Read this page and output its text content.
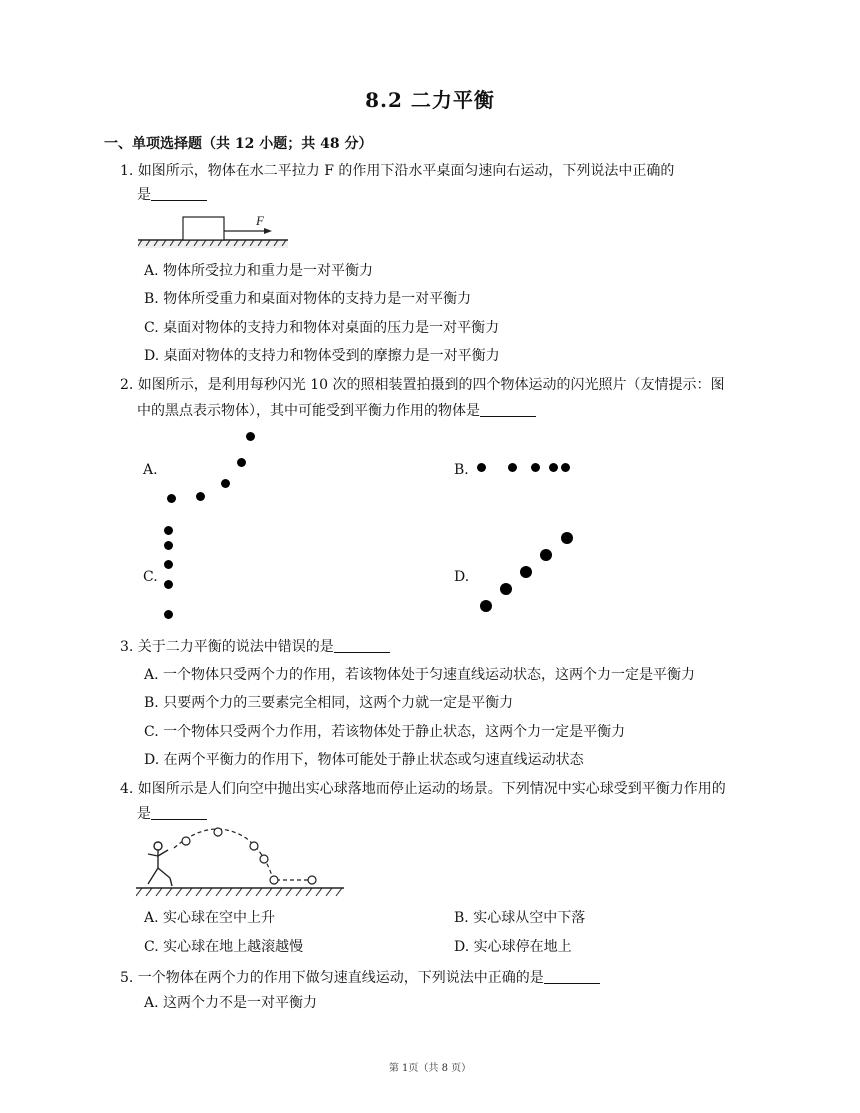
8.2 二力平衡
一、单项选择题（共 12 小题；共 48 分）
1. 如图所示，物体在水二平拉力 F 的作用下沿水平桌面匀速向右运动，下列说法中正确的
是
F
A. 物体所受拉力和重力是一对平衡力
B. 物体所受重力和桌面对物体的支持力是一对平衡力
C. 桌面对物体的支持力和物体对桌面的压力是一对平衡力
D. 桌面对物体的支持力和物体受到的摩擦力是一对平衡力
2. 如图所示，是利用每秒闪光 10 次的照相装置拍摄到的四个物体运动的闪光照片（友情提示：图
中的黑点表示物体），其中可能受到平衡力作用的物体是
A.	B.
C.	D.
3. 关于二力平衡的说法中错误的是
A. 一个物体只受两个力的作用，若该物体处于匀速直线运动状态，这两个力一定是平衡力
B. 只要两个力的三要素完全相同，这两个力就一定是平衡力
C. 一个物体只受两个力作用，若该物体处于静止状态，这两个力一定是平衡力
D. 在两个平衡力的作用下，物体可能处于静止状态或匀速直线运动状态
4. 如图所示是人们向空中抛出实心球落地而停止运动的场景。下列情况中实心球受到平衡力作用的
是
A. 实心球在空中上升	B. 实心球从空中下落
C. 实心球在地上越滚越慢	D. 实心球停在地上
5. 一个物体在两个力的作用下做匀速直线运动，下列说法中正确的是
A. 这两个力不是一对平衡力
第 1页（共 8 页）
